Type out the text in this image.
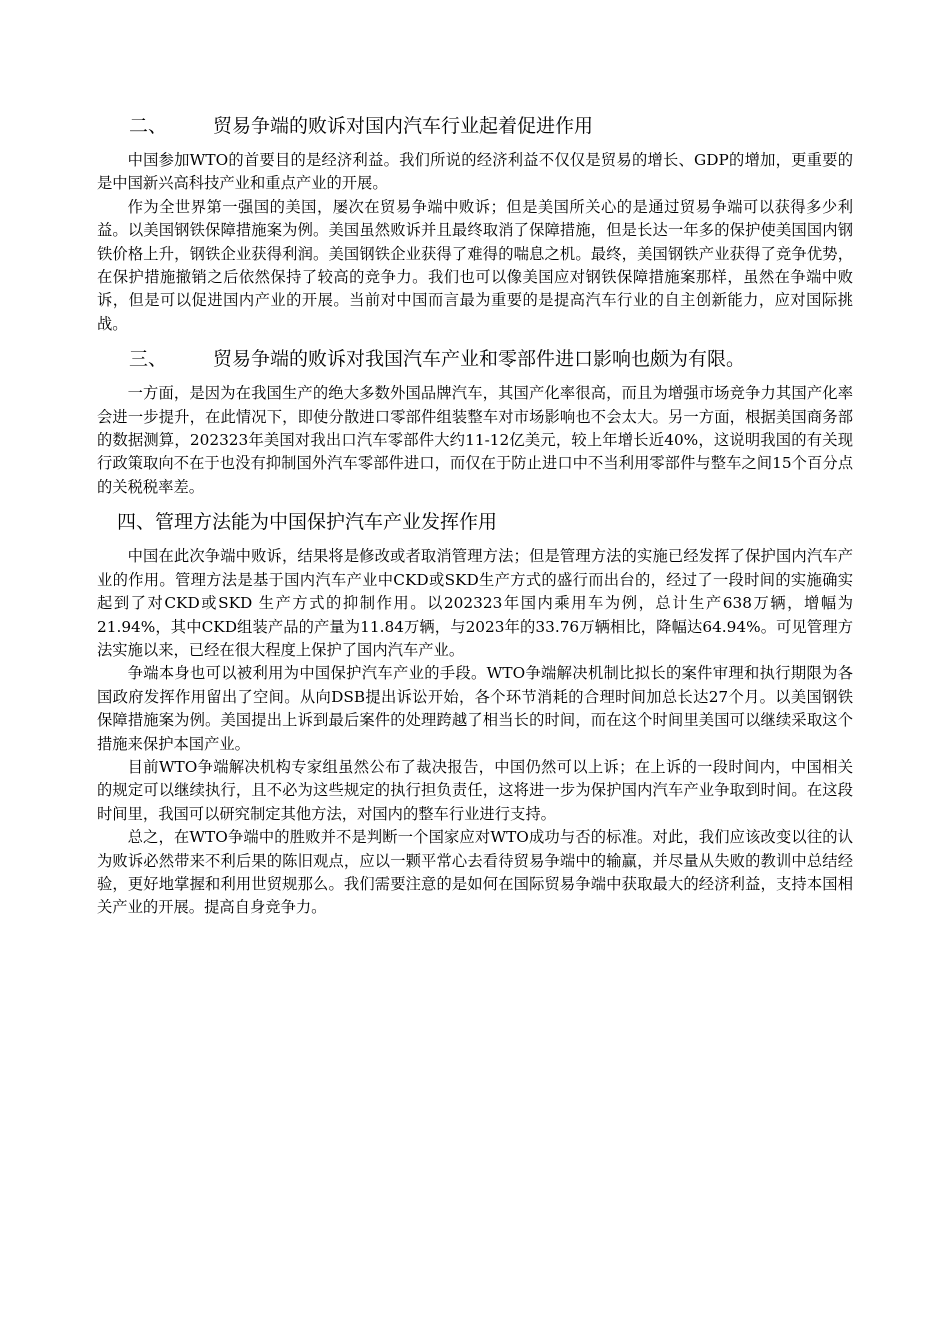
二、 贸易争端的败诉对国内汽车行业起着促进作用

中国参加WTO的首要目的是经济利益。我们所说的经济利益不仅仅是贸易的增长、GDP的增加，更重要的是中国新兴高科技产业和重点产业的开展。

作为全世界第一强国的美国，屡次在贸易争端中败诉；但是美国所关心的是通过贸易争端可以获得多少利益。以美国钢铁保障措施案为例。美国虽然败诉并且最终取消了保障措施，但是长达一年多的保护使美国国内钢铁价格上升，钢铁企业获得利润。美国钢铁企业获得了难得的喘息之机。最终，美国钢铁产业获得了竞争优势，在保护措施撤销之后依然保持了较高的竞争力。我们也可以像美国应对钢铁保障措施案那样，虽然在争端中败诉，但是可以促进国内产业的开展。当前对中国而言最为重要的是提高汽车行业的自主创新能力，应对国际挑战。

三、 贸易争端的败诉对我国汽车产业和零部件进口影响也颇为有限。

一方面，是因为在我国生产的绝大多数外国品牌汽车，其国产化率很高，而且为增强市场竞争力其国产化率会进一步提升，在此情况下，即使分散进口零部件组装整车对市场影响也不会太大。另一方面，根据美国商务部的数据测算，202323年美国对我出口汽车零部件大约11-12亿美元，较上年增长近40%，这说明我国的有关现行政策取向不在于也没有抑制国外汽车零部件进口，而仅在于防止进口中不当利用零部件与整车之间15个百分点的关税税率差。

四、管理方法能为中国保护汽车产业发挥作用

中国在此次争端中败诉，结果将是修改或者取消管理方法；但是管理方法的实施已经发挥了保护国内汽车产业的作用。管理方法是基于国内汽车产业中CKD或SKD生产方式的盛行而出台的，经过了一段时间的实施确实起到了对CKD或SKD 生产方式的抑制作用。以202323年国内乘用车为例，总计生产638万辆，增幅为21.94%，其中CKD组装产品的产量为11.84万辆，与2023年的33.76万辆相比，降幅达64.94%。可见管理方法实施以来，已经在很大程度上保护了国内汽车产业。

争端本身也可以被利用为中国保护汽车产业的手段。WTO争端解决机制比拟长的案件审理和执行期限为各国政府发挥作用留出了空间。从向DSB提出诉讼开始，各个环节消耗的合理时间加总长达27个月。以美国钢铁保障措施案为例。美国提出上诉到最后案件的处理跨越了相当长的时间，而在这个时间里美国可以继续采取这个措施来保护本国产业。

目前WTO争端解决机构专家组虽然公布了裁决报告，中国仍然可以上诉；在上诉的一段时间内，中国相关的规定可以继续执行，且不必为这些规定的执行担负责任，这将进一步为保护国内汽车产业争取到时间。在这段时间里，我国可以研究制定其他方法，对国内的整车行业进行支持。

总之，在WTO争端中的胜败并不是判断一个国家应对WTO成功与否的标准。对此，我们应该改变以往的认为败诉必然带来不利后果的陈旧观点，应以一颗平常心去看待贸易争端中的输赢，并尽量从失败的教训中总结经验，更好地掌握和利用世贸规那么。我们需要注意的是如何在国际贸易争端中获取最大的经济利益，支持本国相关产业的开展。提高自身竞争力。
